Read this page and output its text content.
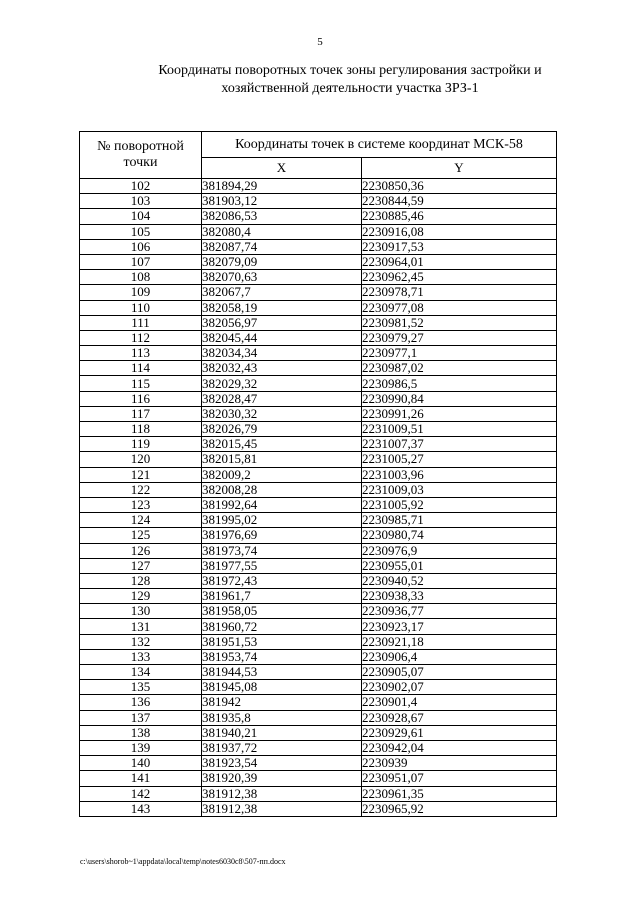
5
Координаты поворотных точек зоны регулирования застройки и
хозяйственной деятельности участка ЗРЗ-1
№ поворотной точки	Координаты точек в системе координат МСК-58	
	X	Y
102	381894,29	2230850,36
103	381903,12	2230844,59
104	382086,53	2230885,46
105	382080,4	2230916,08
106	382087,74	2230917,53
107	382079,09	2230964,01
108	382070,63	2230962,45
109	382067,7	2230978,71
110	382058,19	2230977,08
111	382056,97	2230981,52
112	382045,44	2230979,27
113	382034,34	2230977,1
114	382032,43	2230987,02
115	382029,32	2230986,5
116	382028,47	2230990,84
117	382030,32	2230991,26
118	382026,79	2231009,51
119	382015,45	2231007,37
120	382015,81	2231005,27
121	382009,2	2231003,96
122	382008,28	2231009,03
123	381992,64	2231005,92
124	381995,02	2230985,71
125	381976,69	2230980,74
126	381973,74	2230976,9
127	381977,55	2230955,01
128	381972,43	2230940,52
129	381961,7	2230938,33
130	381958,05	2230936,77
131	381960,72	2230923,17
132	381951,53	2230921,18
133	381953,74	2230906,4
134	381944,53	2230905,07
135	381945,08	2230902,07
136	381942	2230901,4
137	381935,8	2230928,67
138	381940,21	2230929,61
139	381937,72	2230942,04
140	381923,54	2230939
141	381920,39	2230951,07
142	381912,38	2230961,35
143	381912,38	2230965,92
c:\users\shorob~1\appdata\local\temp\notes6030c8\507-пп.docx
